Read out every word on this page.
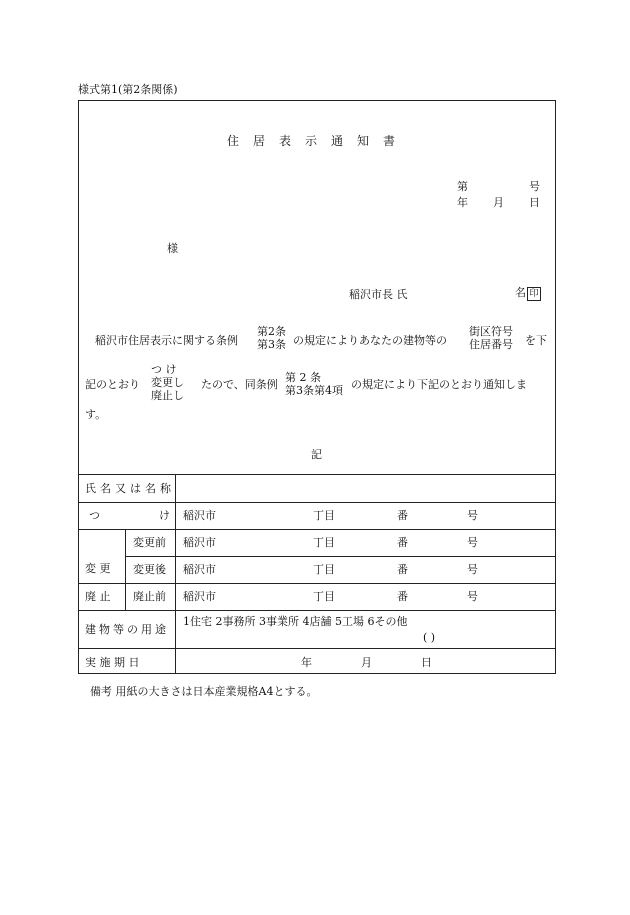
様式第1(第2条関係)
住居表示通知書
第	号
年 月 日
様
稲沢市長 氏	名 印
稲沢市住居表示に関する条例
第2条
第3条 の規定によりあなたの建物等の
街区符号
住居番号 を下
記のとおり
つ け
変更し
廃止し
たので、同条例
第 2 条
第3条第4項 の規定により下記のとおり通知しま
す。
記
氏名又は名称
つ	け 稲沢市	丁目	番	号
変 更
変更前 稲沢市	丁目	番	号
変更後 稲沢市	丁目	番	号
廃 止 廃止前 稲沢市	丁目	番	号
建物等の用途
1住宅 2事務所 3事業所 4店舗 5工場 6その他
( )
実 施 期 日	年	月	日
備考 用紙の大きさは日本産業規格A4とする。
